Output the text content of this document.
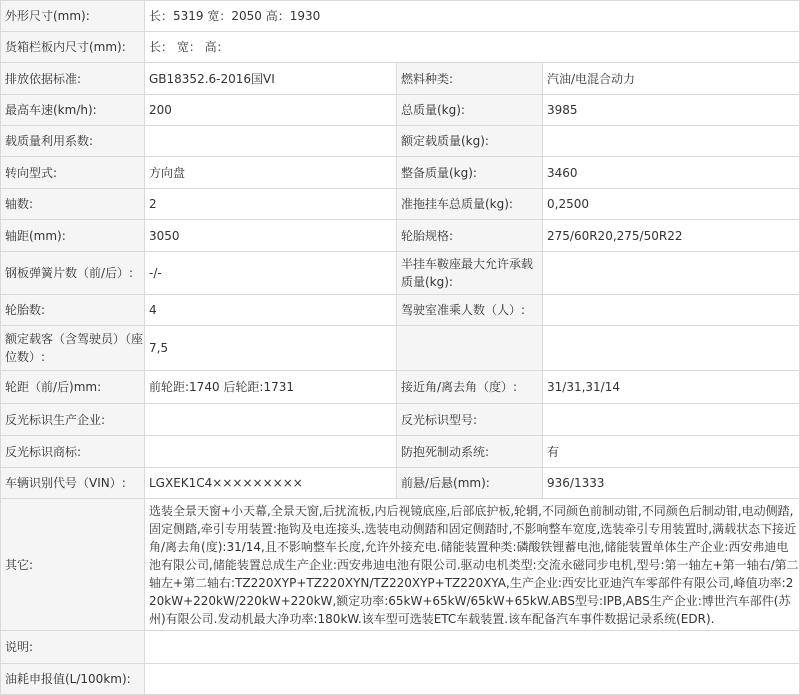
外形尺寸(mm):	长：5319 宽：2050 高：1930		
货箱栏板内尺寸(mm):	长： 宽： 高：		
排放依据标准:	GB18352.6-2016国VI	燃料种类:	汽油/电混合动力
最高车速(km/h):	200	总质量(kg):	3985
载质量利用系数:		额定载质量(kg):	
转向型式:	方向盘	整备质量(kg):	3460
轴数:	2	准拖挂车总质量(kg):	0,2500
轴距(mm):	3050	轮胎规格:	275/60R20,275/50R22
钢板弹簧片数（前/后）:	-/-	半挂车鞍座最大允许承载质量(kg):	
轮胎数:	4	驾驶室准乘人数（人）:	
额定载客（含驾驶员）（座位数）:	7,5		
轮距（前/后)mm:	前轮距:1740 后轮距:1731	接近角/离去角（度）:	31/31,31/14
反光标识生产企业:		反光标识型号:	
反光标识商标:		防抱死制动系统:	有
车辆识别代号（VIN）:	LGXEK1C4×××××××××	前悬/后悬(mm):	936/1333
其它:	选装全景天窗+小天幕,全景天窗,后扰流板,内后视镜底座,后部底护板,轮辋,不同颜色前制动钳,不同颜色后制动钳,电动侧踏,固定侧踏,牵引专用装置:拖钩及电连接头.选装电动侧踏和固定侧踏时,不影响整车宽度,选装牵引专用装置时,满载状态下接近角/离去角(度):31/14,且不影响整车长度,允许外接充电.储能装置种类:磷酸铁锂蓄电池,储能装置单体生产企业:西安弗迪电池有限公司,储能装置总成生产企业:西安弗迪电池有限公司.驱动电机类型:交流永磁同步电机,型号:第一轴左+第一轴右/第二轴左+第二轴右:TZ220XYP+TZ220XYN/TZ220XYP+TZ220XYA,生产企业:西安比亚迪汽车零部件有限公司,峰值功率:220kW+220kW/220kW+220kW,额定功率:65kW+65kW/65kW+65kW.ABS型号:IPB,ABS生产企业:博世汽车部件(苏州)有限公司.发动机最大净功率:180kW.该车型可选装ETC车载装置.该车配备汽车事件数据记录系统(EDR).		
说明:			
油耗申报值(L/100km):			
